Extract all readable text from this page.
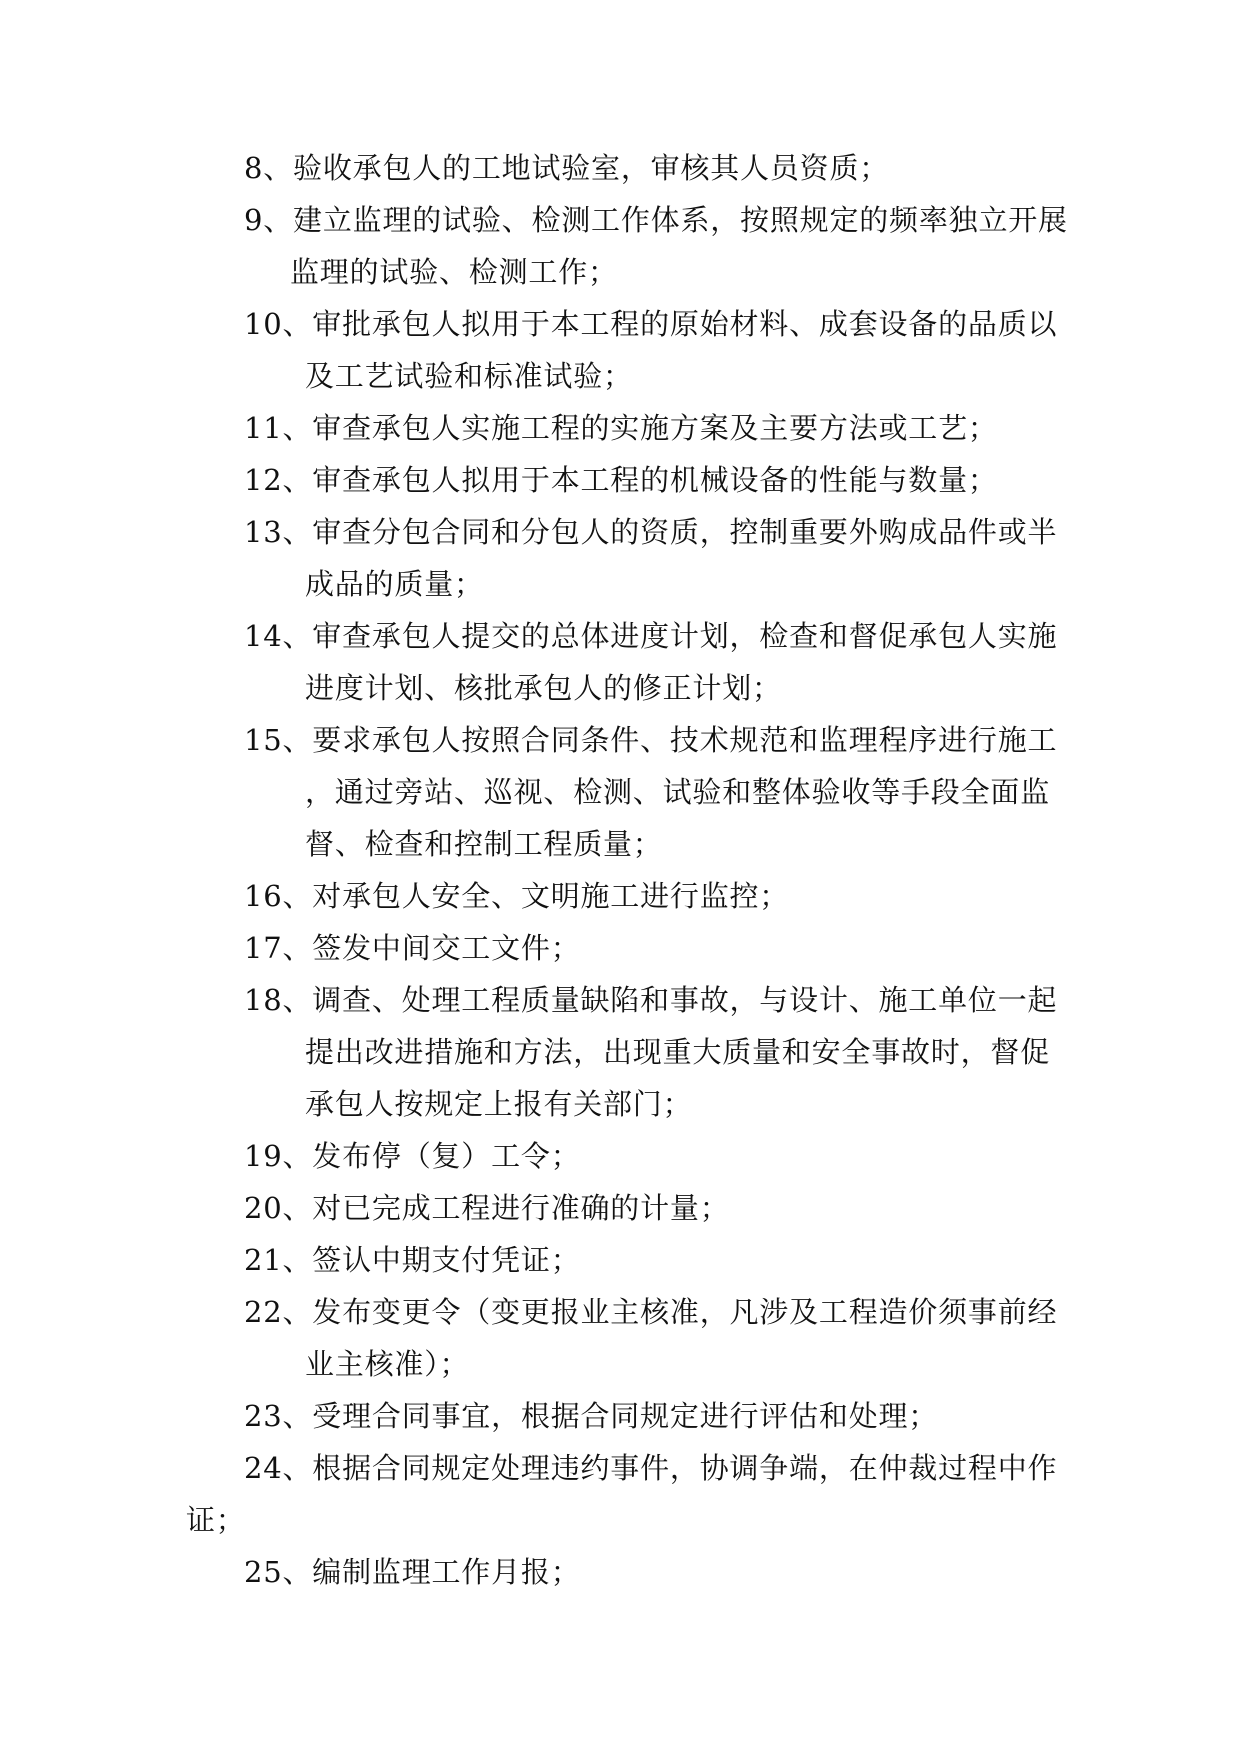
8、验收承包人的工地试验室，审核其人员资质；
9、建立监理的试验、检测工作体系，按照规定的频率独立开展
监理的试验、检测工作；
10、审批承包人拟用于本工程的原始材料、成套设备的品质以
及工艺试验和标准试验；
11、审查承包人实施工程的实施方案及主要方法或工艺；
12、审查承包人拟用于本工程的机械设备的性能与数量；
13、审查分包合同和分包人的资质，控制重要外购成品件或半
成品的质量；
14、审查承包人提交的总体进度计划，检查和督促承包人实施
进度计划、核批承包人的修正计划；
15、要求承包人按照合同条件、技术规范和监理程序进行施工
，通过旁站、巡视、检测、试验和整体验收等手段全面监
督、检查和控制工程质量；
16、对承包人安全、文明施工进行监控；
17、签发中间交工文件；
18、调查、处理工程质量缺陷和事故，与设计、施工单位一起
提出改进措施和方法，出现重大质量和安全事故时，督促
承包人按规定上报有关部门；
19、发布停（复）工令；
20、对已完成工程进行准确的计量；
21、签认中期支付凭证；
22、发布变更令（变更报业主核准，凡涉及工程造价须事前经
业主核准）；
23、受理合同事宜，根据合同规定进行评估和处理；
24、根据合同规定处理违约事件，协调争端，在仲裁过程中作
证；
25、编制监理工作月报；
